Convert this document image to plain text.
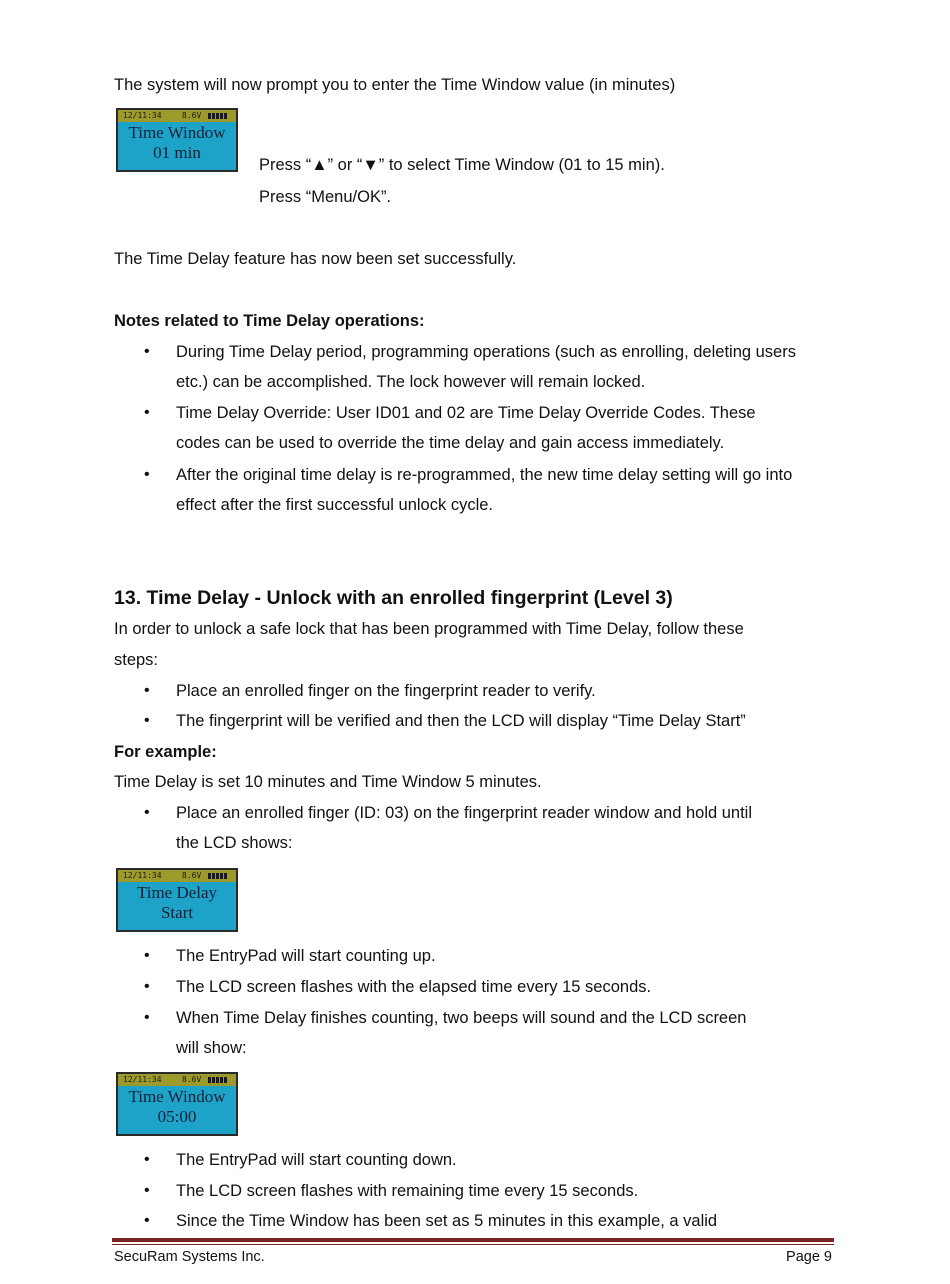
The system will now prompt you to enter the Time Window value (in minutes)
12/11:34	8.6V
Time Window
01 min
Press “▲” or “▼” to select Time Window (01 to 15 min).
Press “Menu/OK”.
The Time Delay feature has now been set successfully.
Notes related to Time Delay operations:
• During Time Delay period, programming operations (such as enrolling, deleting users
etc.) can be accomplished. The lock however will remain locked.
• Time Delay Override: User ID01 and 02 are Time Delay Override Codes. These
codes can be used to override the time delay and gain access immediately.
• After the original time delay is re-programmed, the new time delay setting will go into
effect after the first successful unlock cycle.
13. Time Delay - Unlock with an enrolled fingerprint (Level 3)
In order to unlock a safe lock that has been programmed with Time Delay, follow these
steps:
• Place an enrolled finger on the fingerprint reader to verify.
• The fingerprint will be verified and then the LCD will display “Time Delay Start”
For example:
Time Delay is set 10 minutes and Time Window 5 minutes.
• Place an enrolled finger (ID: 03) on the fingerprint reader window and hold until
the LCD shows:
12/11:34	8.6V
Time Delay
Start
• The EntryPad will start counting up.
• The LCD screen flashes with the elapsed time every 15 seconds.
• When Time Delay finishes counting, two beeps will sound and the LCD screen
will show:
12/11:34	8.6V
Time Window
05:00
• The EntryPad will start counting down.
• The LCD screen flashes with remaining time every 15 seconds.
• Since the Time Window has been set as 5 minutes in this example, a valid
SecuRam Systems Inc.	Page 9
